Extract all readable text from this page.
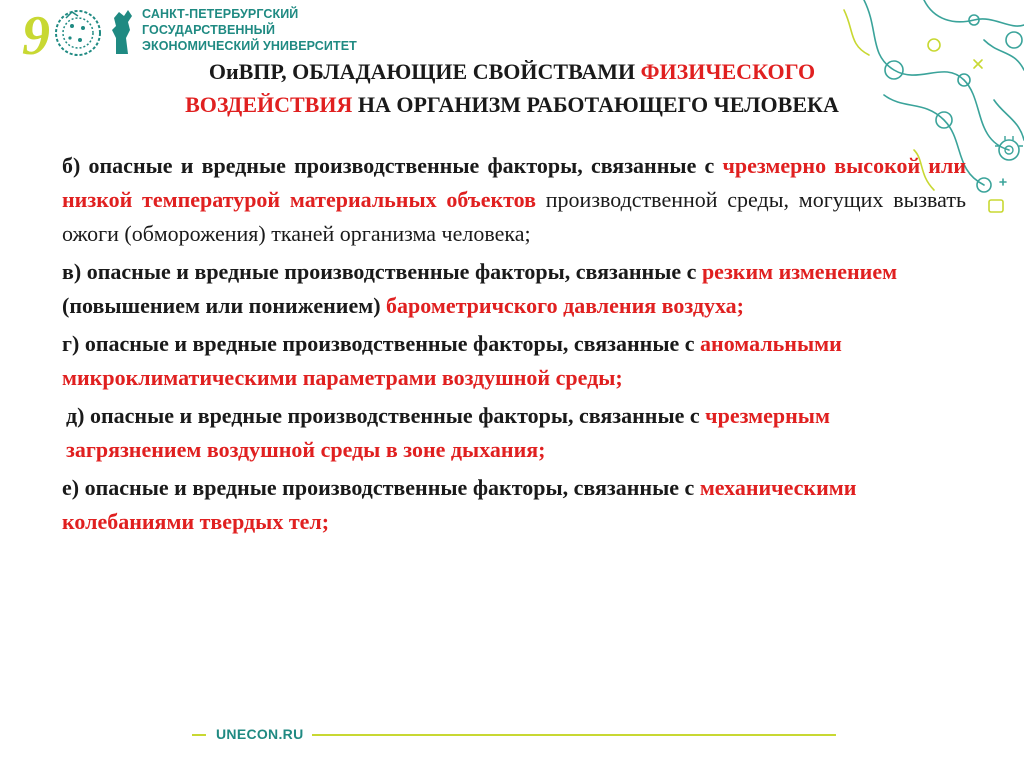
9	САНКТ-ПЕТЕРБУРГСКИЙ
ГОСУДАРСТВЕННЫЙ
ЭКОНОМИЧЕСКИЙ УНИВЕРСИТЕТ
ОиВПР, ОБЛАДАЮЩИЕ СВОЙСТВАМИ ФИЗИЧЕСКОГО
ВОЗДЕЙСТВИЯ НА ОРГАНИЗМ РАБОТАЮЩЕГО ЧЕЛОВЕКА

б) опасные и вредные производственные факторы, связанные с чрезмерно высокой или низкой температурой материальных объектов производственной среды, могущих вызвать ожоги (обморожения) тканей организма человека;

в) опасные и вредные производственные факторы, связанные с резким изменением (повышением или понижением) барометричского давления воздуха;

г) опасные и вредные производственные факторы, связанные с аномальными микроклиматическими параметрами воздушной среды;

д) опасные и вредные производственные факторы, связанные с чрезмерным загрязнением воздушной среды в зоне дыхания;

е) опасные и вредные производственные факторы, связанные с механическими колебаниями твердых тел;

UNECON.RU
